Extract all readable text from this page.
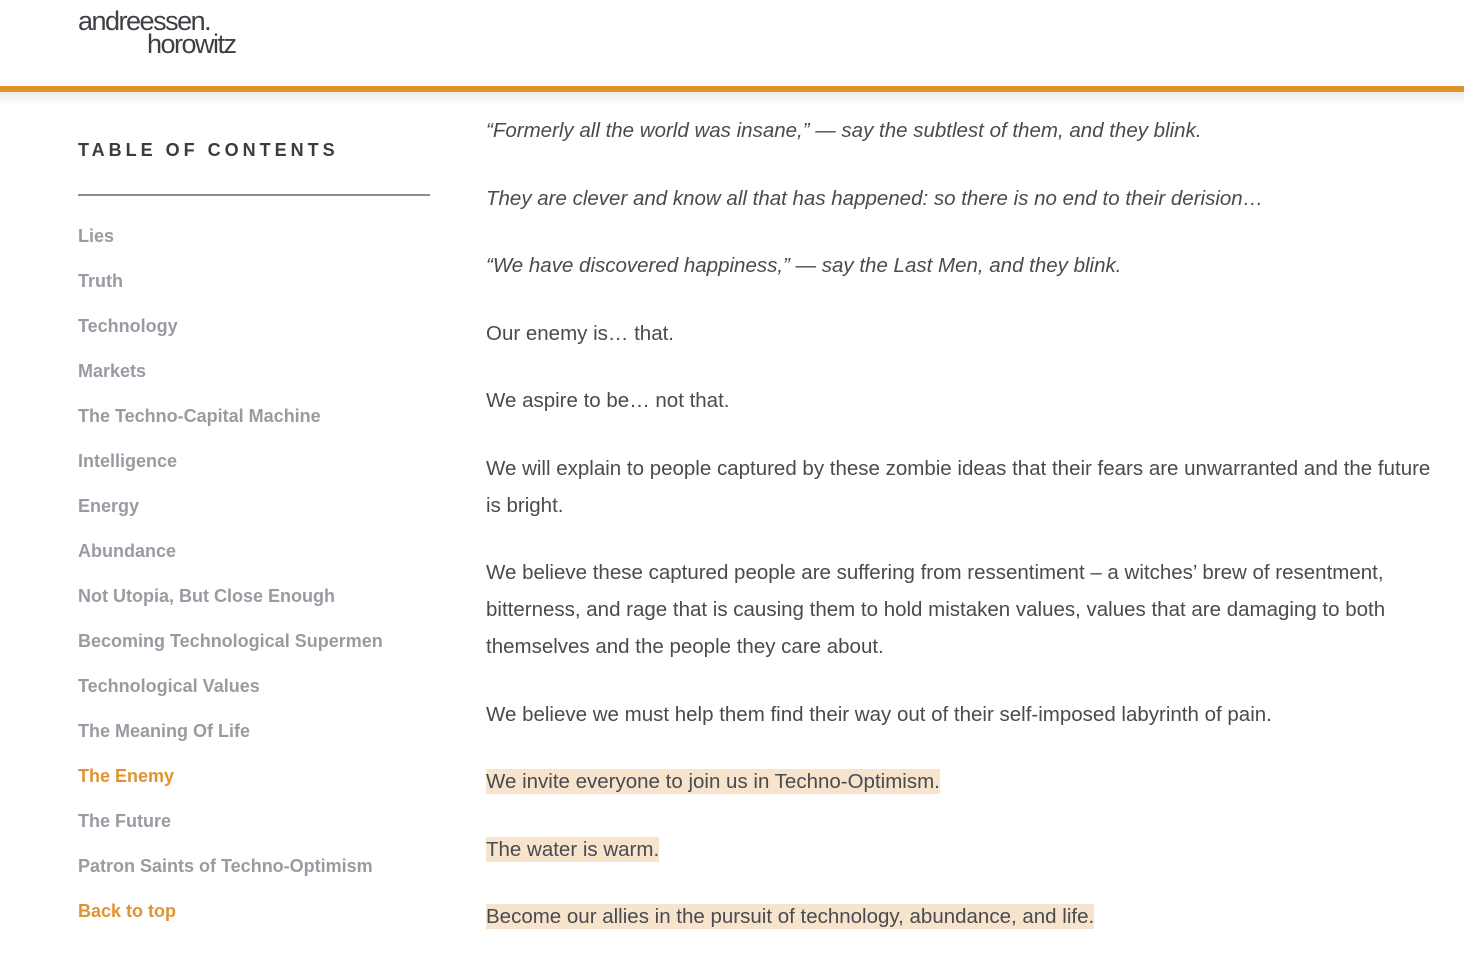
andreessen.
horowitz
TABLE OF CONTENTS
Lies
Truth
Technology
Markets
The Techno-Capital Machine
Intelligence
Energy
Abundance
Not Utopia, But Close Enough
Becoming Technological Supermen
Technological Values
The Meaning Of Life
The Enemy
The Future
Patron Saints of Techno-Optimism
Back to top

“Formerly all the world was insane,” — say the subtlest of them, and they blink.

They are clever and know all that has happened: so there is no end to their derision…

“We have discovered happiness,” — say the Last Men, and they blink.

Our enemy is… that.

We aspire to be… not that.

We will explain to people captured by these zombie ideas that their fears are unwarranted and the future is bright.

We believe these captured people are suffering from ressentiment – a witches’ brew of resentment, bitterness, and rage that is causing them to hold mistaken values, values that are damaging to both themselves and the people they care about.

We believe we must help them find their way out of their self-imposed labyrinth of pain.

We invite everyone to join us in Techno-Optimism.

The water is warm.

Become our allies in the pursuit of technology, abundance, and life.
